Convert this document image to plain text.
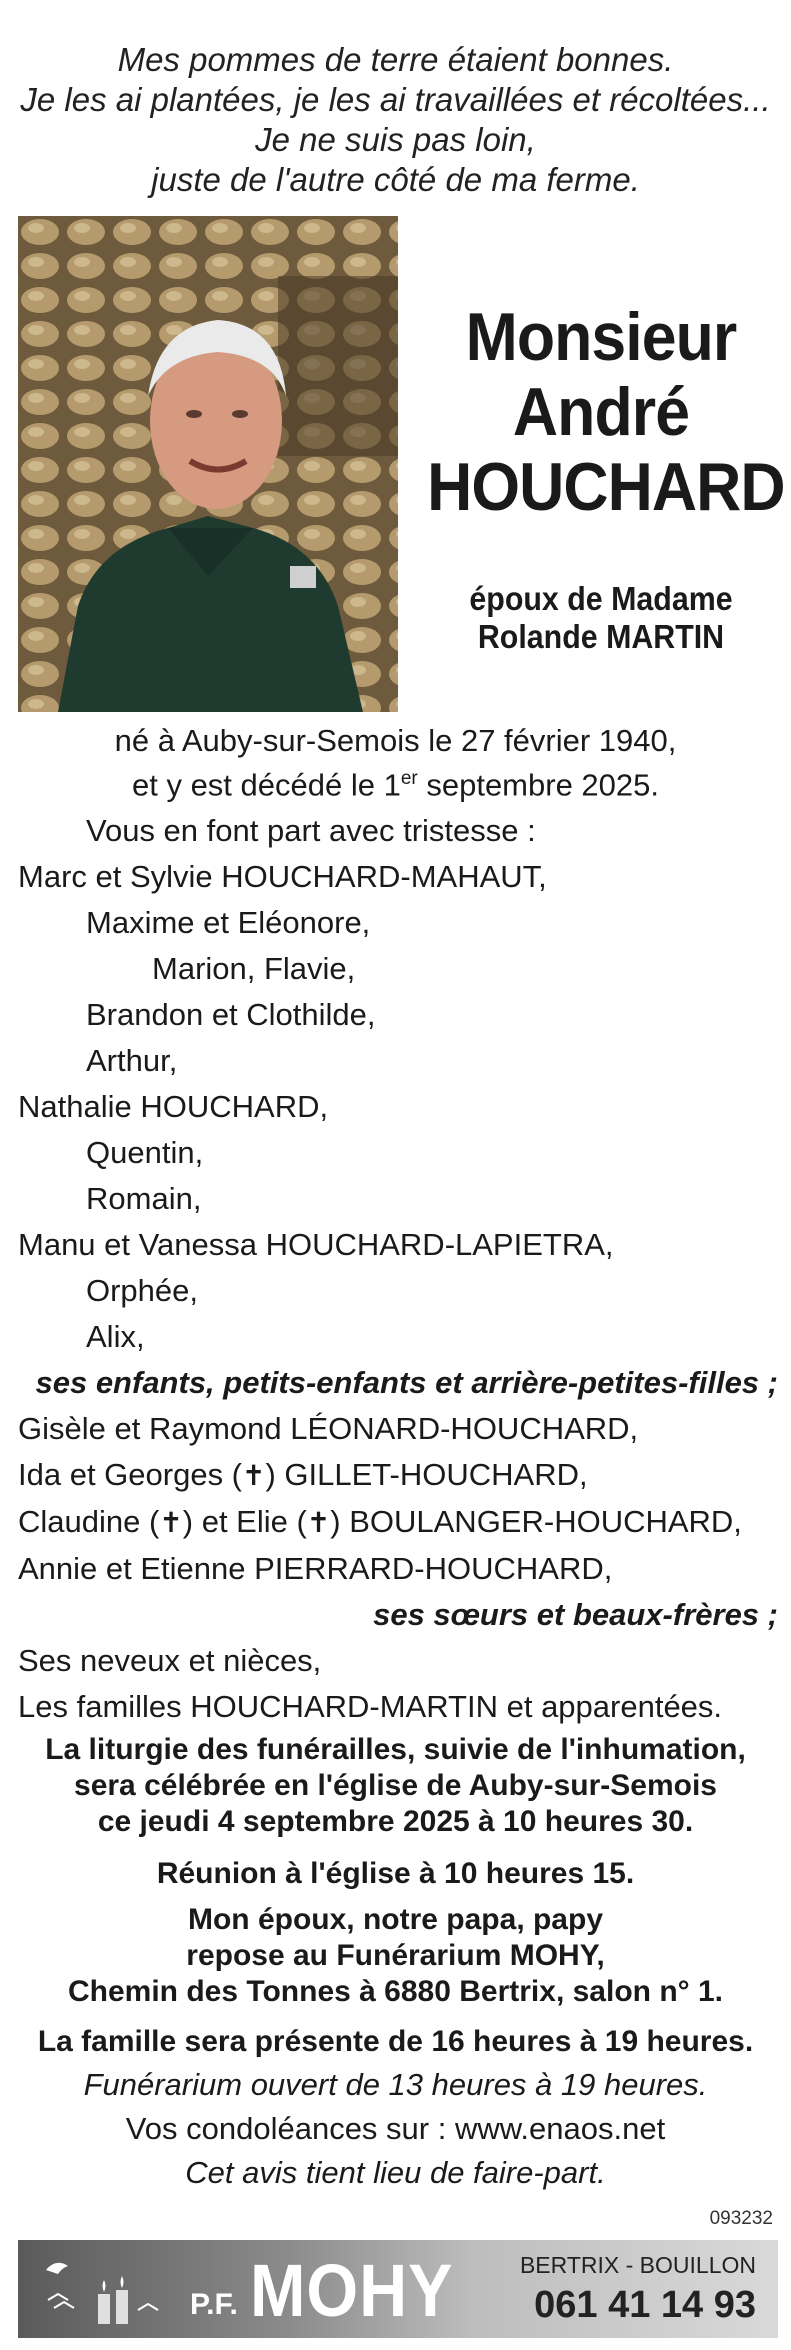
Mes pommes de terre étaient bonnes.
Je les ai plantées, je les ai travaillées et récoltées...
Je ne suis pas loin,
juste de l'autre côté de ma ferme.
Monsieur
André
HOUCHARD
époux de Madame
Rolande MARTIN
né à Auby-sur-Semois le 27 février 1940,
et y est décédé le 1er septembre 2025.
Vous en font part avec tristesse :
Marc et Sylvie HOUCHARD-MAHAUT,
Maxime et Eléonore,
Marion, Flavie,
Brandon et Clothilde,
Arthur,
Nathalie HOUCHARD,
Quentin,
Romain,
Manu et Vanessa HOUCHARD-LAPIETRA,
Orphée,
Alix,
ses enfants, petits-enfants et arrière-petites-filles ;
Gisèle et Raymond LÉONARD-HOUCHARD,
Ida et Georges (✝) GILLET-HOUCHARD,
Claudine (✝) et Elie (✝) BOULANGER-HOUCHARD,
Annie et Etienne PIERRARD-HOUCHARD,
ses sœurs et beaux-frères ;
Ses neveux et nièces,
Les familles HOUCHARD-MARTIN et apparentées.
La liturgie des funérailles, suivie de l'inhumation,
sera célébrée en l'église de Auby-sur-Semois
ce jeudi 4 septembre 2025 à 10 heures 30.
Réunion à l'église à 10 heures 15.
Mon époux, notre papa, papy
repose au Funérarium MOHY,
Chemin des Tonnes à 6880 Bertrix, salon n° 1.
La famille sera présente de 16 heures à 19 heures.
Funérarium ouvert de 13 heures à 19 heures.
Vos condoléances sur : www.enaos.net
Cet avis tient lieu de faire-part.
093232
P.F. MOHY	BERTRIX - BOUILLON
061 41 14 93
